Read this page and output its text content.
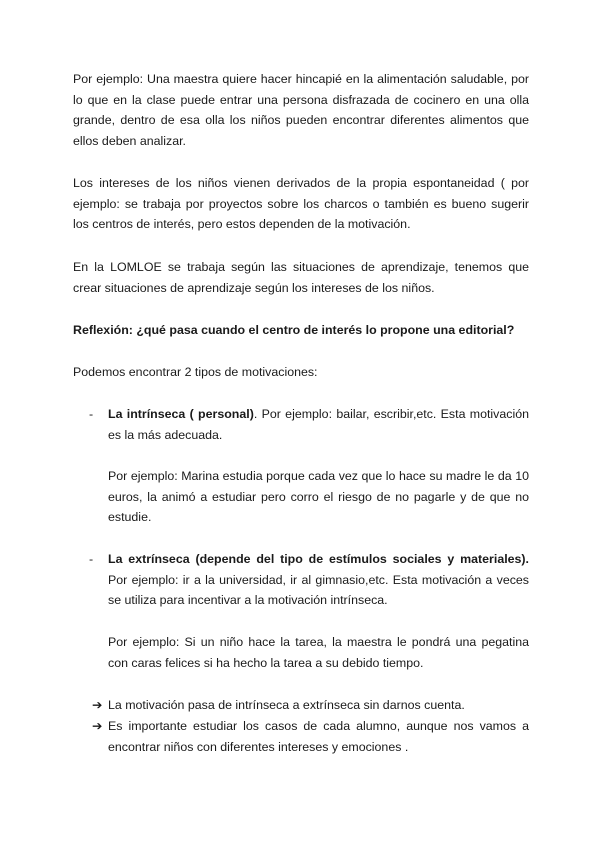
Por ejemplo: Una maestra quiere hacer hincapié en la alimentación saludable, por lo que en la clase puede entrar una persona disfrazada de cocinero en una olla grande, dentro de esa olla los niños pueden encontrar diferentes alimentos que ellos deben analizar.

Los intereses de los niños vienen derivados de la propia espontaneidad ( por ejemplo: se trabaja por proyectos sobre los charcos o también es bueno sugerir los centros de interés, pero estos dependen de la motivación.

En la LOMLOE se trabaja según las situaciones de aprendizaje, tenemos que crear situaciones de aprendizaje según los intereses de los niños.

Reflexión: ¿qué pasa cuando el centro de interés lo propone una editorial?

Podemos encontrar 2 tipos de motivaciones:

- La intrínseca ( personal). Por ejemplo: bailar, escribir,etc. Esta motivación es la más adecuada.

Por ejemplo: Marina estudia porque cada vez que lo hace su madre le da 10 euros, la animó a estudiar pero corro el riesgo de no pagarle y de que no estudie.

- La extrínseca (depende del tipo de estímulos sociales y materiales). Por ejemplo: ir a la universidad, ir al gimnasio,etc. Esta motivación a veces se utiliza para incentivar a la motivación intrínseca.

Por ejemplo: Si un niño hace la tarea, la maestra le pondrá una pegatina con caras felices si ha hecho la tarea a su debido tiempo.

➔ La motivación pasa de intrínseca a extrínseca sin darnos cuenta.

➔ Es importante estudiar los casos de cada alumno, aunque nos vamos a encontrar niños con diferentes intereses y emociones .
